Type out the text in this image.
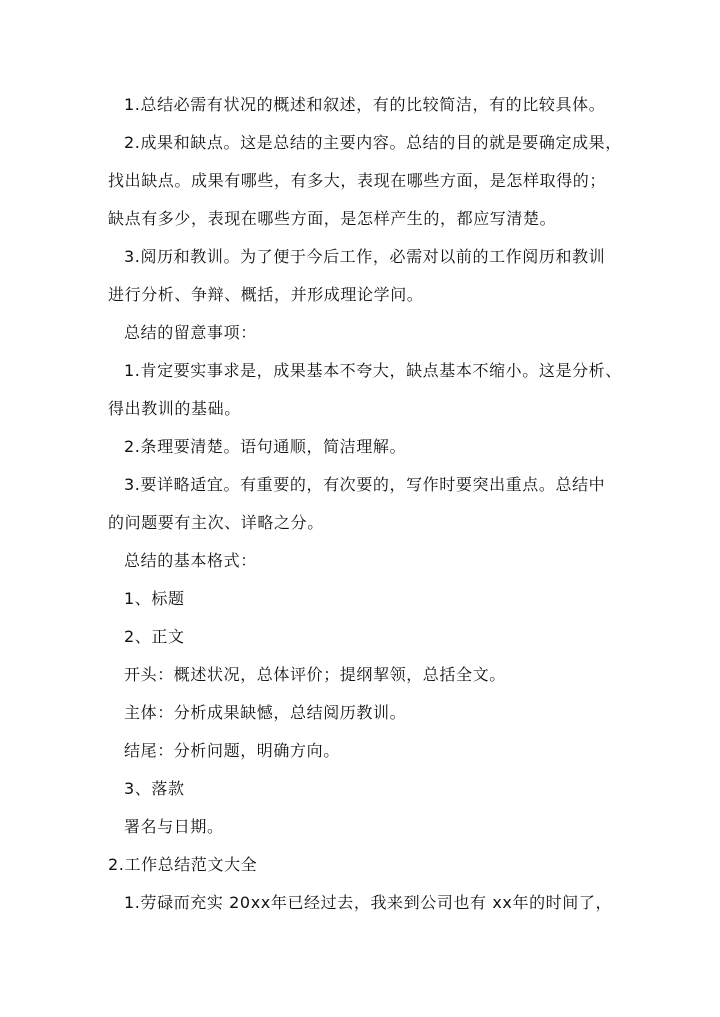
1.总结必需有状况的概述和叙述，有的比较简洁，有的比较具体。
2.成果和缺点。这是总结的主要内容。总结的目的就是要确定成果，
找出缺点。成果有哪些，有多大，表现在哪些方面，是怎样取得的；
缺点有多少，表现在哪些方面，是怎样产生的，都应写清楚。
3.阅历和教训。为了便于今后工作，必需对以前的工作阅历和教训
进行分析、争辩、概括，并形成理论学问。
总结的留意事项：
1.肯定要实事求是，成果基本不夸大，缺点基本不缩小。这是分析、
得出教训的基础。
2.条理要清楚。语句通顺，简洁理解。
3.要详略适宜。有重要的，有次要的，写作时要突出重点。总结中
的问题要有主次、详略之分。
总结的基本格式：
1、标题
2、正文
开头：概述状况，总体评价；提纲挈领，总括全文。
主体：分析成果缺憾，总结阅历教训。
结尾：分析问题，明确方向。
3、落款
署名与日期。
2.工作总结范文大全
1.劳碌而充实 20xx年已经过去，我来到公司也有 xx年的时间了，
